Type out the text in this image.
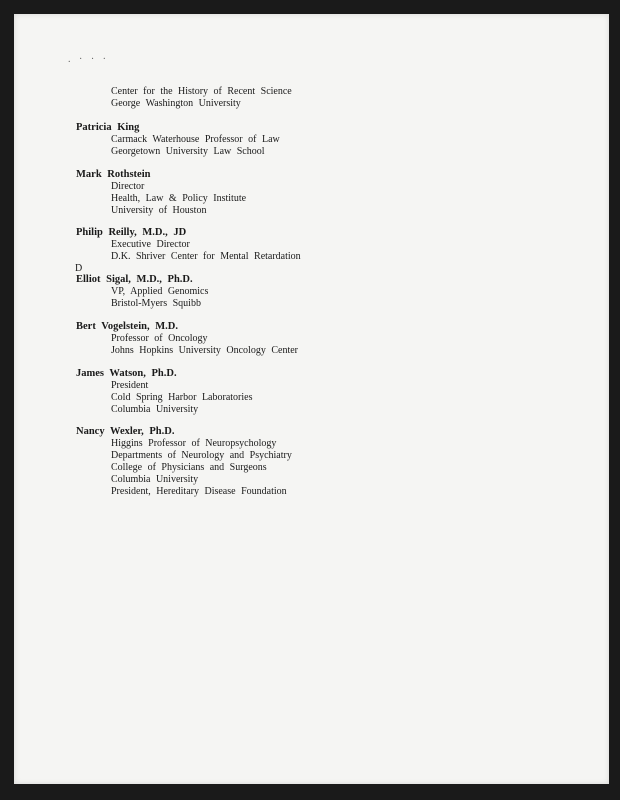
. · · ·
Center for the History of Recent Science
George Washington University
Patricia King
Carmack Waterhouse Professor of Law
Georgetown University Law School
Mark Rothstein
Director
Health, Law & Policy Institute
University of Houston
Philip Reilly, M.D., JD
Executive Director
D.K. Shriver Center for Mental Retardation
D
Elliot Sigal, M.D., Ph.D.
VP, Applied Genomics
Bristol-Myers Squibb
Bert Vogelstein, M.D.
Professor of Oncology
Johns Hopkins University Oncology Center
James Watson, Ph.D.
President
Cold Spring Harbor Laboratories
Columbia University
Nancy Wexler, Ph.D.
Higgins Professor of Neuropsychology
Departments of Neurology and Psychiatry
College of Physicians and Surgeons
Columbia University
President, Hereditary Disease Foundation
